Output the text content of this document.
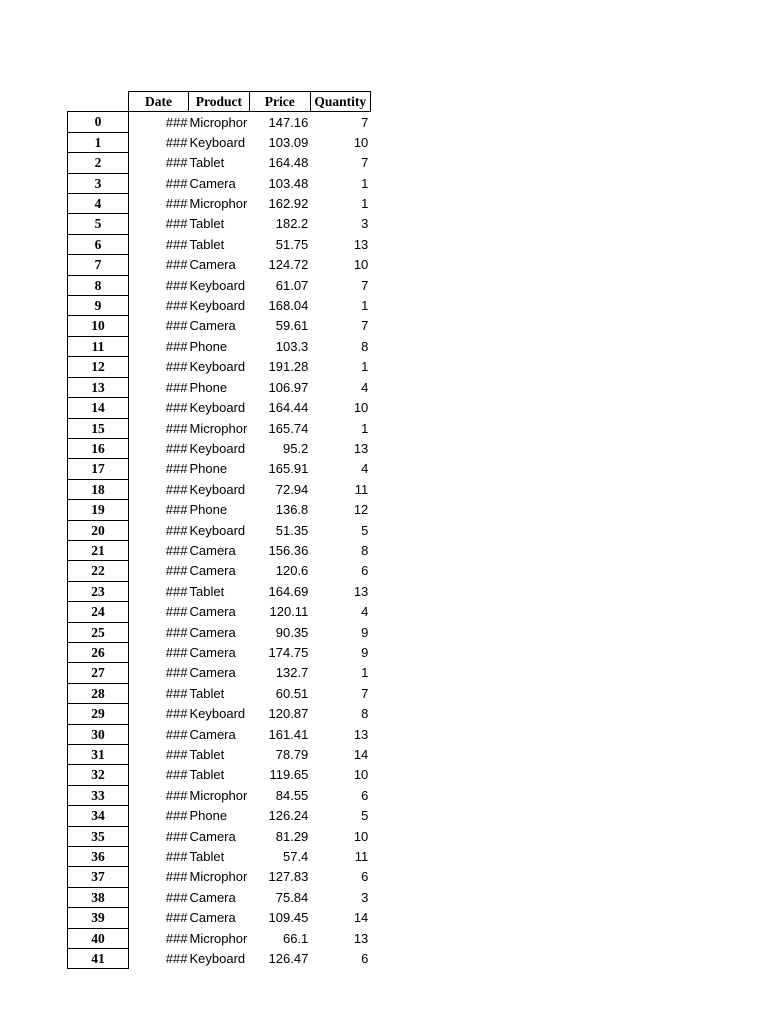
	Date	Product	Price	Quantity
0	###	Microphor	147.16	7
1	###	Keyboard	103.09	10
2	###	Tablet	164.48	7
3	###	Camera	103.48	1
4	###	Microphor	162.92	1
5	###	Tablet	182.2	3
6	###	Tablet	51.75	13
7	###	Camera	124.72	10
8	###	Keyboard	61.07	7
9	###	Keyboard	168.04	1
10	###	Camera	59.61	7
11	###	Phone	103.3	8
12	###	Keyboard	191.28	1
13	###	Phone	106.97	4
14	###	Keyboard	164.44	10
15	###	Microphor	165.74	1
16	###	Keyboard	95.2	13
17	###	Phone	165.91	4
18	###	Keyboard	72.94	11
19	###	Phone	136.8	12
20	###	Keyboard	51.35	5
21	###	Camera	156.36	8
22	###	Camera	120.6	6
23	###	Tablet	164.69	13
24	###	Camera	120.11	4
25	###	Camera	90.35	9
26	###	Camera	174.75	9
27	###	Camera	132.7	1
28	###	Tablet	60.51	7
29	###	Keyboard	120.87	8
30	###	Camera	161.41	13
31	###	Tablet	78.79	14
32	###	Tablet	119.65	10
33	###	Microphor	84.55	6
34	###	Phone	126.24	5
35	###	Camera	81.29	10
36	###	Tablet	57.4	11
37	###	Microphor	127.83	6
38	###	Camera	75.84	3
39	###	Camera	109.45	14
40	###	Microphor	66.1	13
41	###	Keyboard	126.47	6
